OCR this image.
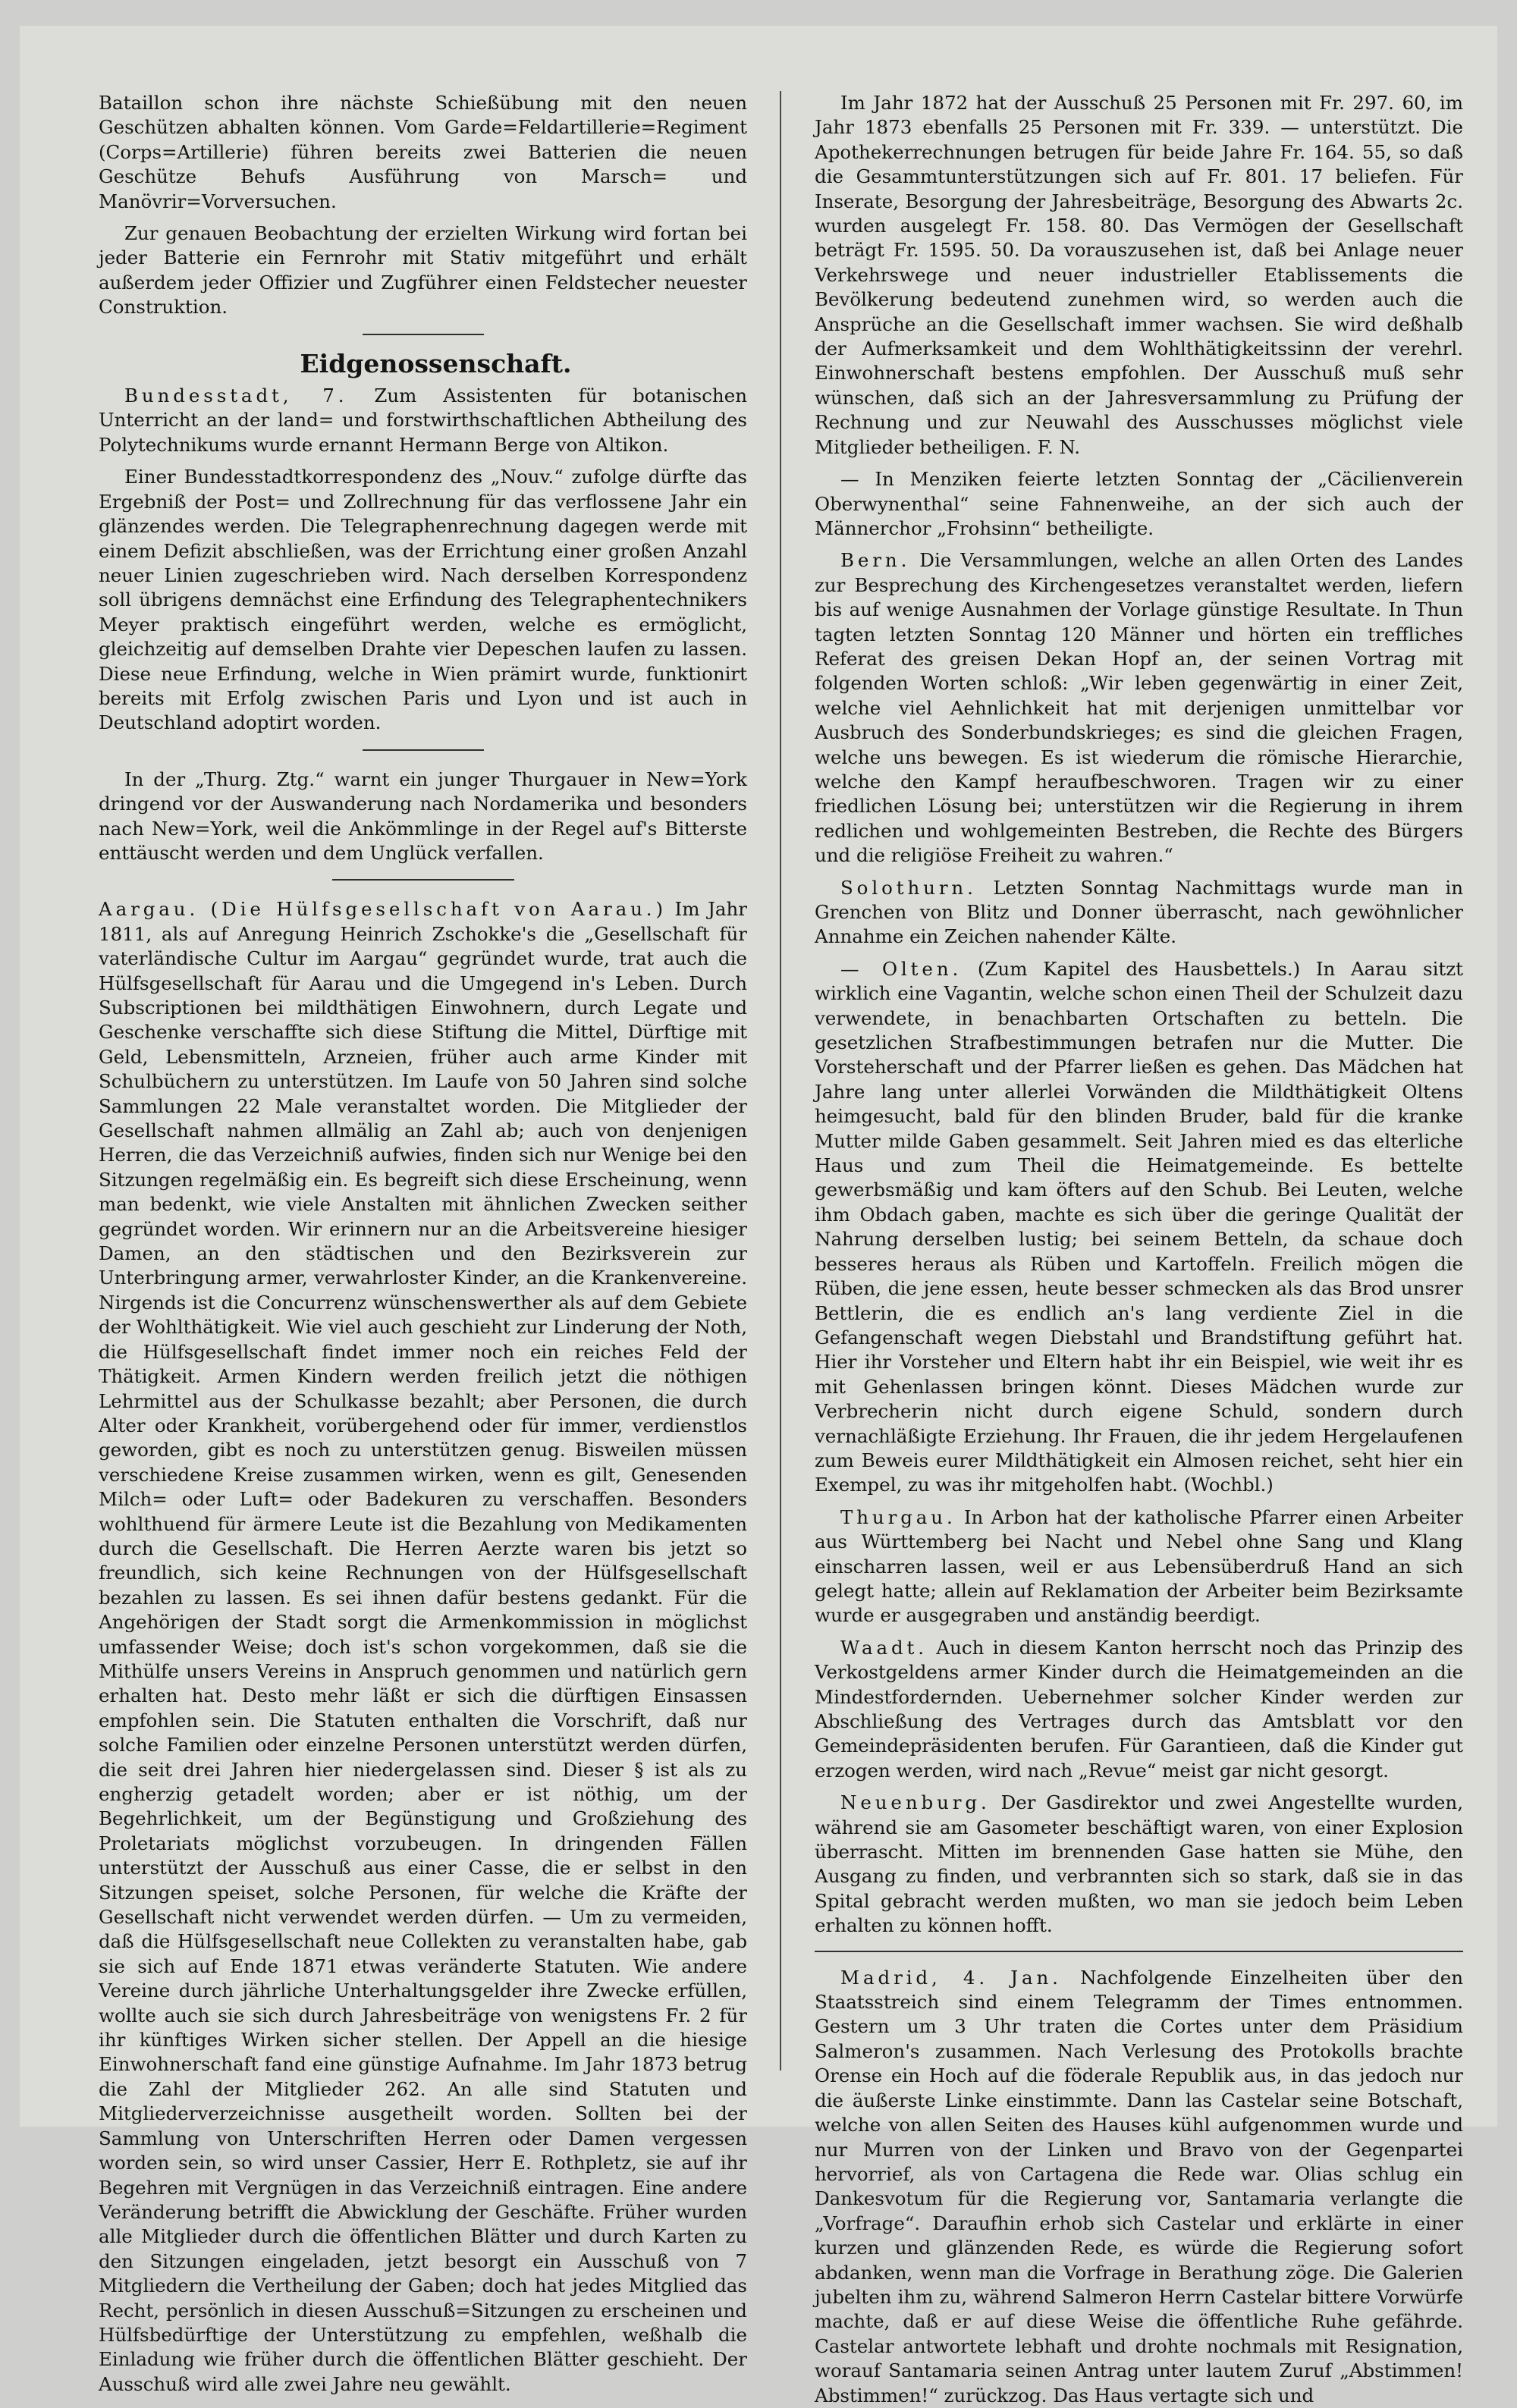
Bataillon schon ihre nächste Schießübung mit den neuen Geschützen abhalten können. Vom Garde=Feldartillerie=Regiment (Corps=Artillerie) führen bereits zwei Batterien die neuen Geschütze Behufs Ausführung von Marsch= und Manövrir=Vorversuchen.

Zur genauen Beobachtung der erzielten Wirkung wird fortan bei jeder Batterie ein Fernrohr mit Stativ mitgeführt und erhält außerdem jeder Offizier und Zugführer einen Feldstecher neuester Construktion.

Eidgenossenschaft.

Bundesstadt, 7. Zum Assistenten für botanischen Unterricht an der land= und forstwirthschaftlichen Abtheilung des Polytechnikums wurde ernannt Hermann Berge von Altikon.

Einer Bundesstadtkorrespondenz des „Nouv.“ zufolge dürfte das Ergebniß der Post= und Zollrechnung für das verflossene Jahr ein glänzendes werden. Die Telegraphenrechnung dagegen werde mit einem Defizit abschließen, was der Errichtung einer großen Anzahl neuer Linien zugeschrieben wird. Nach derselben Korrespondenz soll übrigens demnächst eine Erfindung des Telegraphentechnikers Meyer praktisch eingeführt werden, welche es ermöglicht, gleichzeitig auf demselben Drahte vier Depeschen laufen zu lassen. Diese neue Erfindung, welche in Wien prämirt wurde, funktionirt bereits mit Erfolg zwischen Paris und Lyon und ist auch in Deutschland adoptirt worden.

In der „Thurg. Ztg.“ warnt ein junger Thurgauer in New=York dringend vor der Auswanderung nach Nordamerika und besonders nach New=York, weil die Ankömmlinge in der Regel auf's Bitterste enttäuscht werden und dem Unglück verfallen.

Aargau. (Die Hülfsgesellschaft von Aarau.) Im Jahr 1811, als auf Anregung Heinrich Zschokke's die „Gesellschaft für vaterländische Cultur im Aargau“ gegründet wurde, trat auch die Hülfsgesellschaft für Aarau und die Umgegend in's Leben. Durch Subscriptionen bei mildthätigen Einwohnern, durch Legate und Geschenke verschaffte sich diese Stiftung die Mittel, Dürftige mit Geld, Lebensmitteln, Arzneien, früher auch arme Kinder mit Schulbüchern zu unterstützen. Im Laufe von 50 Jahren sind solche Sammlungen 22 Male veranstaltet worden. Die Mitglieder der Gesellschaft nahmen allmälig an Zahl ab; auch von denjenigen Herren, die das Verzeichniß aufwies, finden sich nur Wenige bei den Sitzungen regelmäßig ein. Es begreift sich diese Erscheinung, wenn man bedenkt, wie viele Anstalten mit ähnlichen Zwecken seither gegründet worden. Wir erinnern nur an die Arbeitsvereine hiesiger Damen, an den städtischen und den Bezirksverein zur Unterbringung armer, verwahrloster Kinder, an die Krankenvereine. Nirgends ist die Concurrenz wünschenswerther als auf dem Gebiete der Wohlthätigkeit. Wie viel auch geschieht zur Linderung der Noth, die Hülfsgesellschaft findet immer noch ein reiches Feld der Thätigkeit. Armen Kindern werden freilich jetzt die nöthigen Lehrmittel aus der Schulkasse bezahlt; aber Personen, die durch Alter oder Krankheit, vorübergehend oder für immer, verdienstlos geworden, gibt es noch zu unterstützen genug. Bisweilen müssen verschiedene Kreise zusammen wirken, wenn es gilt, Genesenden Milch= oder Luft= oder Badekuren zu verschaffen. Besonders wohlthuend für ärmere Leute ist die Bezahlung von Medikamenten durch die Gesellschaft. Die Herren Aerzte waren bis jetzt so freundlich, sich keine Rechnungen von der Hülfsgesellschaft bezahlen zu lassen. Es sei ihnen dafür bestens gedankt. Für die Angehörigen der Stadt sorgt die Armenkommission in möglichst umfassender Weise; doch ist's schon vorgekommen, daß sie die Mithülfe unsers Vereins in Anspruch genommen und natürlich gern erhalten hat. Desto mehr läßt er sich die dürftigen Einsassen empfohlen sein. Die Statuten enthalten die Vorschrift, daß nur solche Familien oder einzelne Personen unterstützt werden dürfen, die seit drei Jahren hier niedergelassen sind. Dieser § ist als zu engherzig getadelt worden; aber er ist nöthig, um der Begehrlichkeit, um der Begünstigung und Großziehung des Proletariats möglichst vorzubeugen. In dringenden Fällen unterstützt der Ausschuß aus einer Casse, die er selbst in den Sitzungen speiset, solche Personen, für welche die Kräfte der Gesellschaft nicht verwendet werden dürfen. — Um zu vermeiden, daß die Hülfsgesellschaft neue Collekten zu veranstalten habe, gab sie sich auf Ende 1871 etwas veränderte Statuten. Wie andere Vereine durch jährliche Unterhaltungsgelder ihre Zwecke erfüllen, wollte auch sie sich durch Jahresbeiträge von wenigstens Fr. 2 für ihr künftiges Wirken sicher stellen. Der Appell an die hiesige Einwohnerschaft fand eine günstige Aufnahme. Im Jahr 1873 betrug die Zahl der Mitglieder 262. An alle sind Statuten und Mitgliederverzeichnisse ausgetheilt worden. Sollten bei der Sammlung von Unterschriften Herren oder Damen vergessen worden sein, so wird unser Cassier, Herr E. Rothpletz, sie auf ihr Begehren mit Vergnügen in das Verzeichniß eintragen. Eine andere Veränderung betrifft die Abwicklung der Geschäfte. Früher wurden alle Mitglieder durch die öffentlichen Blätter und durch Karten zu den Sitzungen eingeladen, jetzt besorgt ein Ausschuß von 7 Mitgliedern die Vertheilung der Gaben; doch hat jedes Mitglied das Recht, persönlich in diesen Ausschuß=Sitzungen zu erscheinen und Hülfsbedürftige der Unterstützung zu empfehlen, weßhalb die Einladung wie früher durch die öffentlichen Blätter geschieht. Der Ausschuß wird alle zwei Jahre neu gewählt.

Im Jahr 1872 hat der Ausschuß 25 Personen mit Fr. 297. 60, im Jahr 1873 ebenfalls 25 Personen mit Fr. 339. — unterstützt. Die Apothekerrechnungen betrugen für beide Jahre Fr. 164. 55, so daß die Gesammtunterstützungen sich auf Fr. 801. 17 beliefen. Für Inserate, Besorgung der Jahresbeiträge, Besorgung des Abwarts 2c. wurden ausgelegt Fr. 158. 80. Das Vermögen der Gesellschaft beträgt Fr. 1595. 50. Da vorauszusehen ist, daß bei Anlage neuer Verkehrswege und neuer industrieller Etablissements die Bevölkerung bedeutend zunehmen wird, so werden auch die Ansprüche an die Gesellschaft immer wachsen. Sie wird deßhalb der Aufmerksamkeit und dem Wohlthätigkeitssinn der verehrl. Einwohnerschaft bestens empfohlen. Der Ausschuß muß sehr wünschen, daß sich an der Jahresversammlung zu Prüfung der Rechnung und zur Neuwahl des Ausschusses möglichst viele Mitglieder betheiligen. F. N.

— In Menziken feierte letzten Sonntag der „Cäcilienverein Oberwynenthal“ seine Fahnenweihe, an der sich auch der Männerchor „Frohsinn“ betheiligte.

Bern. Die Versammlungen, welche an allen Orten des Landes zur Besprechung des Kirchengesetzes veranstaltet werden, liefern bis auf wenige Ausnahmen der Vorlage günstige Resultate. In Thun tagten letzten Sonntag 120 Männer und hörten ein treffliches Referat des greisen Dekan Hopf an, der seinen Vortrag mit folgenden Worten schloß: „Wir leben gegenwärtig in einer Zeit, welche viel Aehnlichkeit hat mit derjenigen unmittelbar vor Ausbruch des Sonderbundskrieges; es sind die gleichen Fragen, welche uns bewegen. Es ist wiederum die römische Hierarchie, welche den Kampf heraufbeschworen. Tragen wir zu einer friedlichen Lösung bei; unterstützen wir die Regierung in ihrem redlichen und wohlgemeinten Bestreben, die Rechte des Bürgers und die religiöse Freiheit zu wahren.“

Solothurn. Letzten Sonntag Nachmittags wurde man in Grenchen von Blitz und Donner überrascht, nach gewöhnlicher Annahme ein Zeichen nahender Kälte.

— Olten. (Zum Kapitel des Hausbettels.) In Aarau sitzt wirklich eine Vagantin, welche schon einen Theil der Schulzeit dazu verwendete, in benachbarten Ortschaften zu betteln. Die gesetzlichen Strafbestimmungen betrafen nur die Mutter. Die Vorsteherschaft und der Pfarrer ließen es gehen. Das Mädchen hat Jahre lang unter allerlei Vorwänden die Mildthätigkeit Oltens heimgesucht, bald für den blinden Bruder, bald für die kranke Mutter milde Gaben gesammelt. Seit Jahren mied es das elterliche Haus und zum Theil die Heimatgemeinde. Es bettelte gewerbsmäßig und kam öfters auf den Schub. Bei Leuten, welche ihm Obdach gaben, machte es sich über die geringe Qualität der Nahrung derselben lustig; bei seinem Betteln, da schaue doch besseres heraus als Rüben und Kartoffeln. Freilich mögen die Rüben, die jene essen, heute besser schmecken als das Brod unsrer Bettlerin, die es endlich an's lang verdiente Ziel in die Gefangenschaft wegen Diebstahl und Brandstiftung geführt hat. Hier ihr Vorsteher und Eltern habt ihr ein Beispiel, wie weit ihr es mit Gehenlassen bringen könnt. Dieses Mädchen wurde zur Verbrecherin nicht durch eigene Schuld, sondern durch vernachläßigte Erziehung. Ihr Frauen, die ihr jedem Hergelaufenen zum Beweis eurer Mildthätigkeit ein Almosen reichet, seht hier ein Exempel, zu was ihr mitgeholfen habt. (Wochbl.)

Thurgau. In Arbon hat der katholische Pfarrer einen Arbeiter aus Württemberg bei Nacht und Nebel ohne Sang und Klang einscharren lassen, weil er aus Lebensüberdruß Hand an sich gelegt hatte; allein auf Reklamation der Arbeiter beim Bezirksamte wurde er ausgegraben und anständig beerdigt.

Waadt. Auch in diesem Kanton herrscht noch das Prinzip des Verkostgeldens armer Kinder durch die Heimatgemeinden an die Mindestfordernden. Uebernehmer solcher Kinder werden zur Abschließung des Vertrages durch das Amtsblatt vor den Gemeindepräsidenten berufen. Für Garantieen, daß die Kinder gut erzogen werden, wird nach „Revue“ meist gar nicht gesorgt.

Neuenburg. Der Gasdirektor und zwei Angestellte wurden, während sie am Gasometer beschäftigt waren, von einer Explosion überrascht. Mitten im brennenden Gase hatten sie Mühe, den Ausgang zu finden, und verbrannten sich so stark, daß sie in das Spital gebracht werden mußten, wo man sie jedoch beim Leben erhalten zu können hofft.

Madrid, 4. Jan. Nachfolgende Einzelheiten über den Staatsstreich sind einem Telegramm der Times entnommen. Gestern um 3 Uhr traten die Cortes unter dem Präsidium Salmeron's zusammen. Nach Verlesung des Protokolls brachte Orense ein Hoch auf die föderale Republik aus, in das jedoch nur die äußerste Linke einstimmte. Dann las Castelar seine Botschaft, welche von allen Seiten des Hauses kühl aufgenommen wurde und nur Murren von der Linken und Bravo von der Gegenpartei hervorrief, als von Cartagena die Rede war. Olias schlug ein Dankesvotum für die Regierung vor, Santamaria verlangte die „Vorfrage“. Daraufhin erhob sich Castelar und erklärte in einer kurzen und glänzenden Rede, es würde die Regierung sofort abdanken, wenn man die Vorfrage in Berathung zöge. Die Galerien jubelten ihm zu, während Salmeron Herrn Castelar bittere Vorwürfe machte, daß er auf diese Weise die öffentliche Ruhe gefährde. Castelar antwortete lebhaft und drohte nochmals mit Resignation, worauf Santamaria seinen Antrag unter lautem Zuruf „Abstimmen! Abstimmen!“ zurückzog. Das Haus vertagte sich und
